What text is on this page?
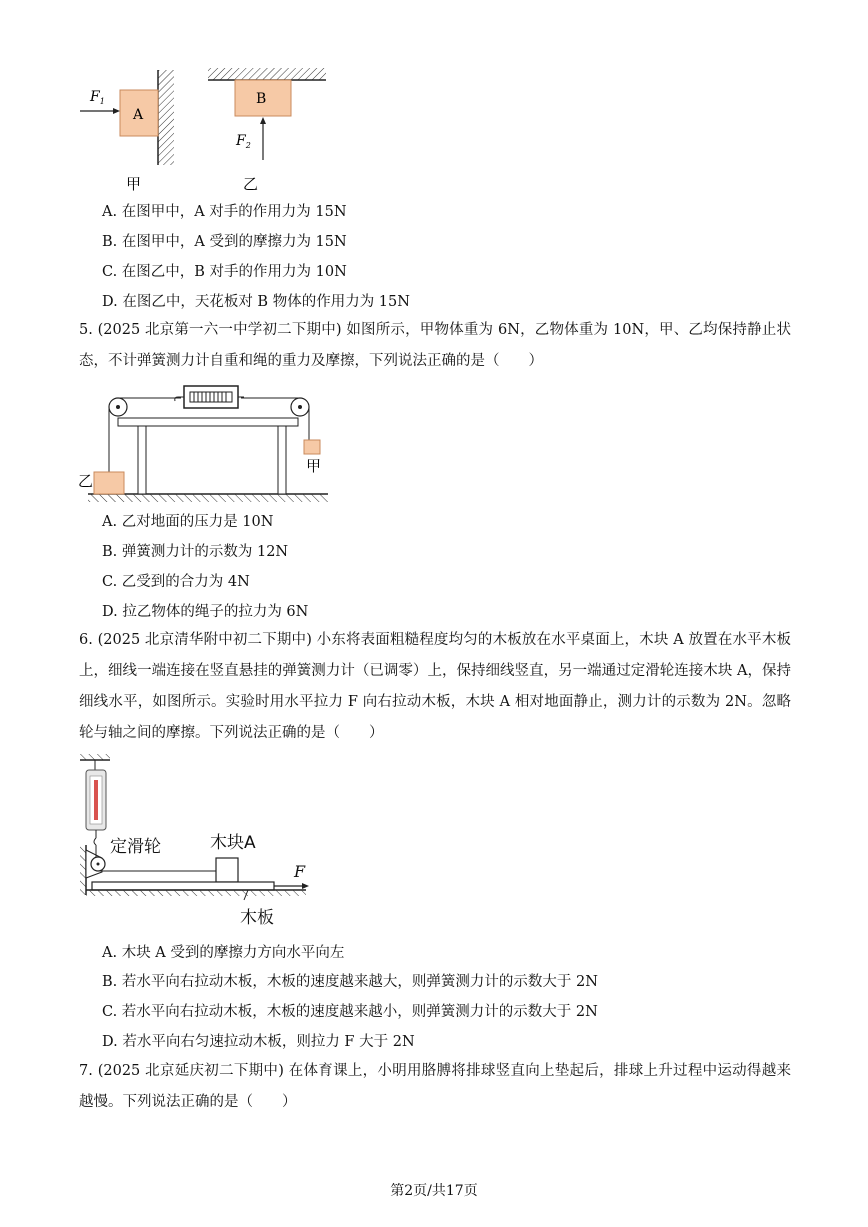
A
$F_1$	B
$F_2$
甲	乙
A. 在图甲中，A 对手的作用力为 15N
B. 在图甲中，A 受到的摩擦力为 15N
C. 在图乙中，B 对手的作用力为 10N
D. 在图乙中，天花板对 B 物体的作用力为 15N
5. (2025 北京第一六一中学初二下期中) 如图所示，甲物体重为 6N，乙物体重为 10N，甲、乙均保持静止状态，不计弹簧测力计自重和绳的重力及摩擦，下列说法正确的是（　　）
乙
甲
A. 乙对地面的压力是 10N
B. 弹簧测力计的示数为 12N
C. 乙受到的合力为 4N
D. 拉乙物体的绳子的拉力为 6N
6. (2025 北京清华附中初二下期中) 小东将表面粗糙程度均匀的木板放在水平桌面上，木块 A 放置在水平木板上，细线一端连接在竖直悬挂的弹簧测力计（已调零）上，保持细线竖直，另一端通过定滑轮连接木块 A，保持细线水平，如图所示。实验时用水平拉力 F 向右拉动木板，木块 A 相对地面静止，测力计的示数为 2N。忽略轮与轴之间的摩擦。下列说法正确的是（　　）
定滑轮	木块A
F
木板
A. 木块 A 受到的摩擦力方向水平向左
B. 若水平向右拉动木板，木板的速度越来越大，则弹簧测力计的示数大于 2N
C. 若水平向右拉动木板，木板的速度越来越小，则弹簧测力计的示数大于 2N
D. 若水平向右匀速拉动木板，则拉力 F 大于 2N
7. (2025 北京延庆初二下期中) 在体育课上，小明用胳膊将排球竖直向上垫起后，排球上升过程中运动得越来越慢。下列说法正确的是（　　）
第2页/共17页
